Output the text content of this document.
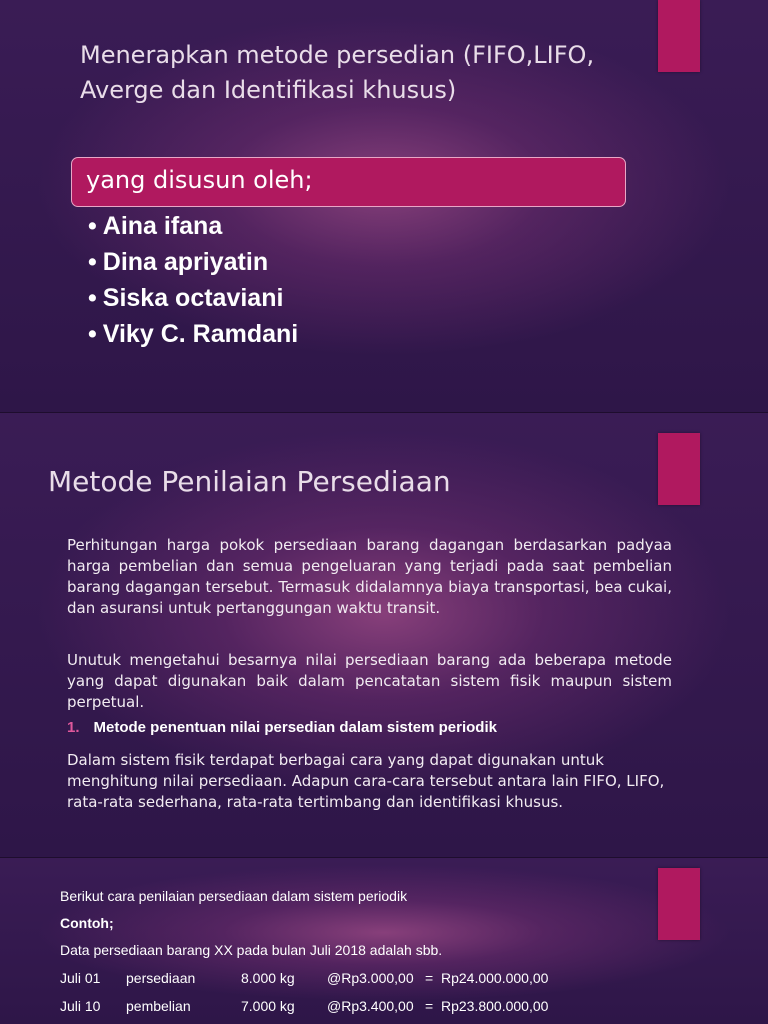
Menerapkan metode persedian (FIFO,LIFO, Averge dan Identifikasi khusus)
yang disusun oleh;
• Aina ifana
• Dina apriyatin
• Siska octaviani
• Viky C. Ramdani
Metode Penilaian Persediaan

Perhitungan harga pokok persediaan barang dagangan berdasarkan padyaa harga pembelian dan semua pengeluaran yang terjadi pada saat pembelian barang dagangan tersebut. Termasuk didalamnya biaya transportasi, bea cukai, dan asuransi untuk pertanggungan waktu transit.

Unutuk mengetahui besarnya nilai persediaan barang ada beberapa metode yang dapat digunakan baik dalam pencatatan sistem fisik maupun sistem perpetual.

1. Metode penentuan nilai persedian dalam sistem periodik

Dalam sistem fisik terdapat berbagai cara yang dapat digunakan untuk menghitung nilai persediaan. Adapun cara-cara tersebut antara lain FIFO, LIFO, rata-rata sederhana, rata-rata tertimbang dan identifikasi khusus.

Berikut cara penilaian persediaan dalam sistem periodik
Contoh;
Data persediaan barang XX pada bulan Juli 2018 adalah sbb.
Juli 01 persediaan	8.000 kg @Rp3.000,00 = Rp24.000.000,00
Juli 10 pembelian	7.000 kg @Rp3.400,00 = Rp23.800.000,00
